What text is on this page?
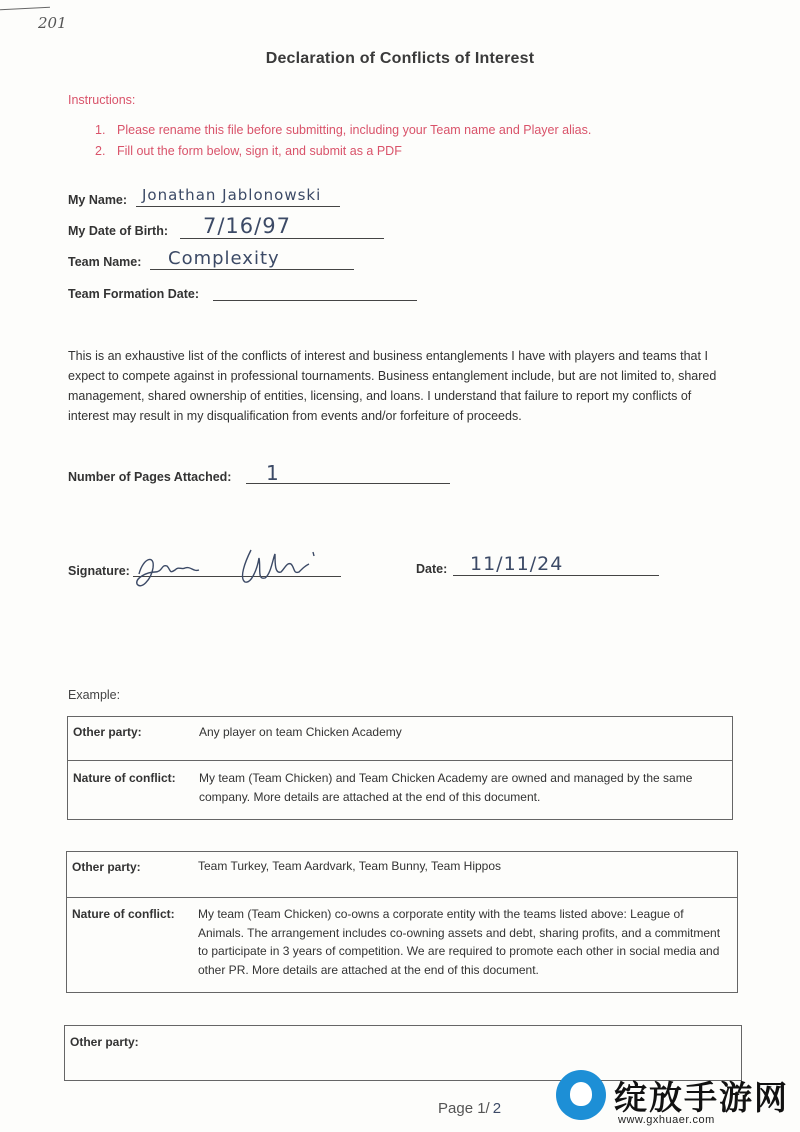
201
Declaration of Conflicts of Interest
Instructions:
1. Please rename this file before submitting, including your Team name and Player alias.
2. Fill out the form below, sign it, and submit as a PDF
My Name: Jonathan Jablonowski
My Date of Birth: 7/16/97
Team Name: Complexity
Team Formation Date:
This is an exhaustive list of the conflicts of interest and business entanglements I have with players and teams that I expect to compete against in professional tournaments. Business entanglement include, but are not limited to, shared management, shared ownership of entities, licensing, and loans. I understand that failure to report my conflicts of interest may result in my disqualification from events and/or forfeiture of proceeds.
Number of Pages Attached: 1
Signature:	Date: 11/11/24
Example:
Other party:	Any player on team Chicken Academy
Nature of conflict: My team (Team Chicken) and Team Chicken Academy are owned and managed by the same company. More details are attached at the end of this document.
Other party:	Team Turkey, Team Aardvark, Team Bunny, Team Hippos
Nature of conflict: My team (Team Chicken) co-owns a corporate entity with the teams listed above: League of Animals. The arrangement includes co-owning assets and debt, sharing profits, and a commitment to participate in 3 years of competition. We are required to promote each other in social media and other PR. More details are attached at the end of this document.
Other party:
Page 1/ 2	绽放手游网
www.gxhuaer.com
